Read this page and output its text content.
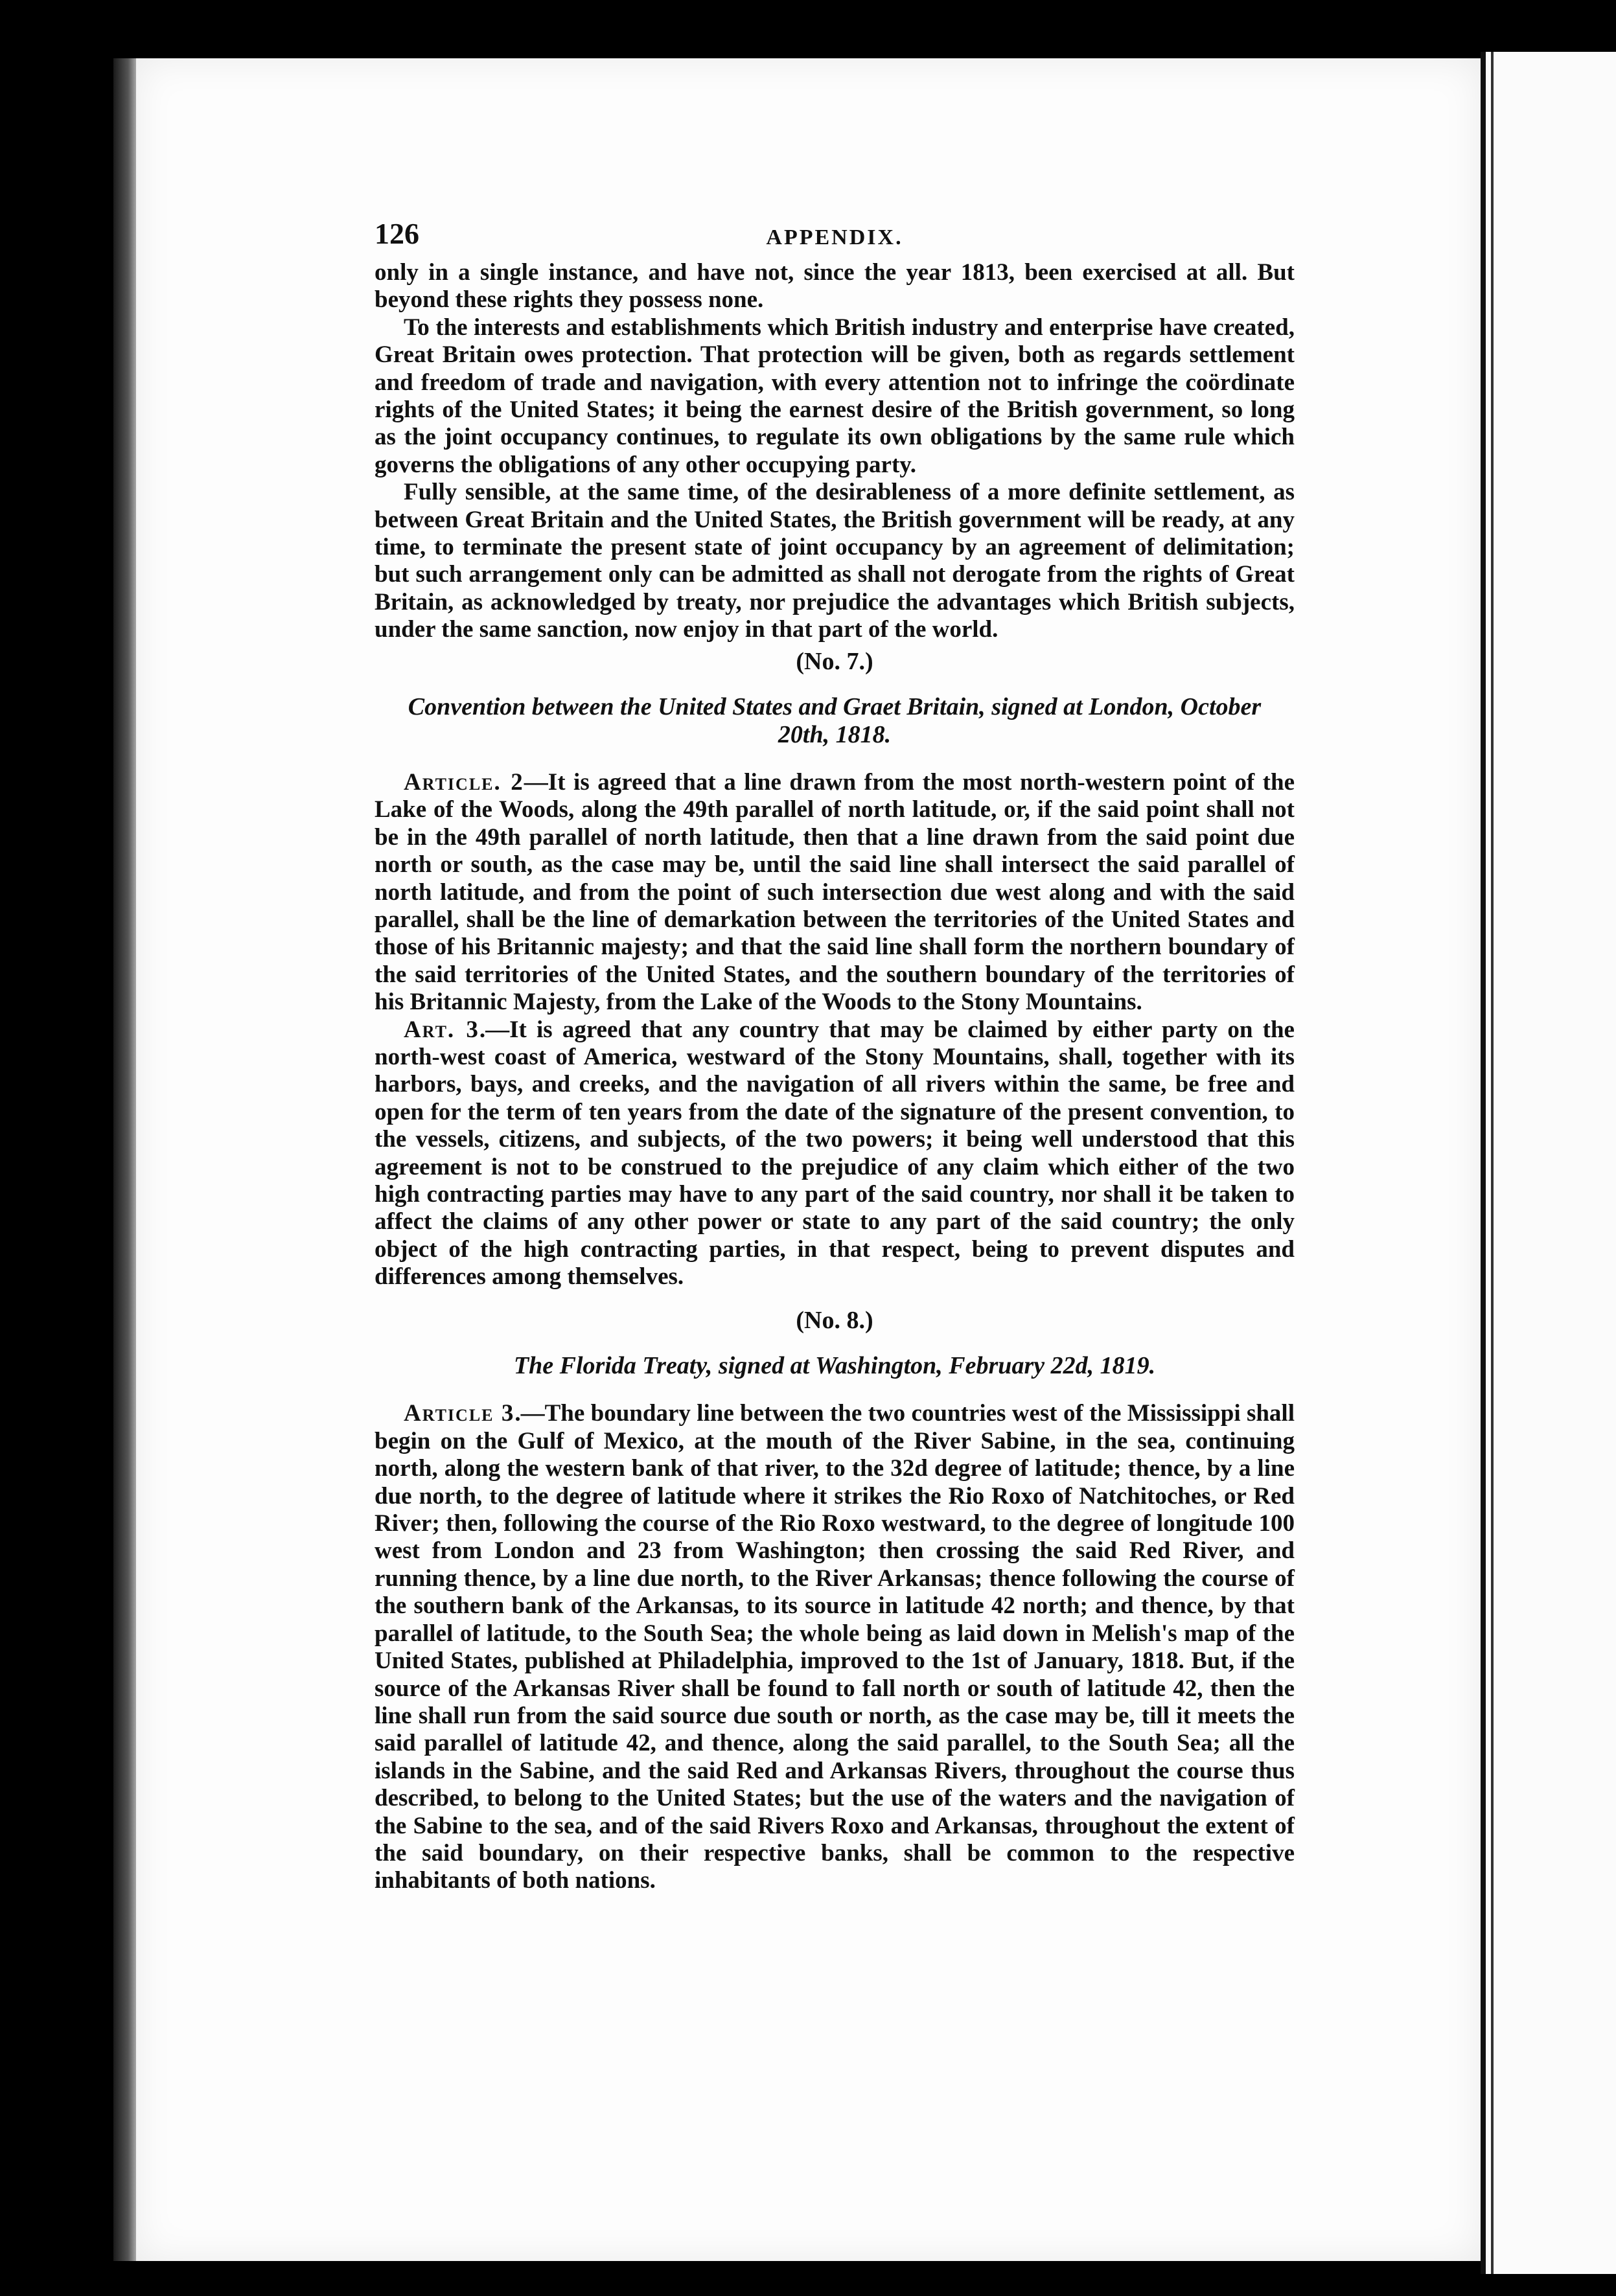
126	APPENDIX.

only in a single instance, and have not, since the year 1813, been exercised at all. But beyond these rights they possess none.

To the interests and establishments which British industry and enterprise have created, Great Britain owes protection. That protection will be given, both as regards settlement and freedom of trade and navigation, with every attention not to infringe the coördinate rights of the United States; it being the earnest desire of the British government, so long as the joint occupancy continues, to regulate its own obligations by the same rule which governs the obligations of any other occupying party.

Fully sensible, at the same time, of the desirableness of a more definite settlement, as between Great Britain and the United States, the British government will be ready, at any time, to terminate the present state of joint occupancy by an agreement of delimitation; but such arrangement only can be admitted as shall not derogate from the rights of Great Britain, as acknowledged by treaty, nor prejudice the advantages which British subjects, under the same sanction, now enjoy in that part of the world.

(No. 7.)

Convention between the United States and Graet Britain, signed at London, October 20th, 1818.

Article. 2—It is agreed that a line drawn from the most north-western point of the Lake of the Woods, along the 49th parallel of north latitude, or, if the said point shall not be in the 49th parallel of north latitude, then that a line drawn from the said point due north or south, as the case may be, until the said line shall intersect the said parallel of north latitude, and from the point of such intersection due west along and with the said parallel, shall be the line of demarkation between the territories of the United States and those of his Britannic majesty; and that the said line shall form the northern boundary of the said territories of the United States, and the southern boundary of the territories of his Britannic Majesty, from the Lake of the Woods to the Stony Mountains.

Art. 3.—It is agreed that any country that may be claimed by either party on the north-west coast of America, westward of the Stony Mountains, shall, together with its harbors, bays, and creeks, and the navigation of all rivers within the same, be free and open for the term of ten years from the date of the signature of the present convention, to the vessels, citizens, and subjects, of the two powers; it being well understood that this agreement is not to be construed to the prejudice of any claim which either of the two high contracting parties may have to any part of the said country, nor shall it be taken to affect the claims of any other power or state to any part of the said country; the only object of the high contracting parties, in that respect, being to prevent disputes and differences among themselves.

(No. 8.)

The Florida Treaty, signed at Washington, February 22d, 1819.

Article 3.—The boundary line between the two countries west of the Mississippi shall begin on the Gulf of Mexico, at the mouth of the River Sabine, in the sea, continuing north, along the western bank of that river, to the 32d degree of latitude; thence, by a line due north, to the degree of latitude where it strikes the Rio Roxo of Natchitoches, or Red River; then, following the course of the Rio Roxo westward, to the degree of longitude 100 west from London and 23 from Washington; then crossing the said Red River, and running thence, by a line due north, to the River Arkansas; thence following the course of the southern bank of the Arkansas, to its source in latitude 42 north; and thence, by that parallel of latitude, to the South Sea; the whole being as laid down in Melish's map of the United States, published at Philadelphia, improved to the 1st of January, 1818. But, if the source of the Arkansas River shall be found to fall north or south of latitude 42, then the line shall run from the said source due south or north, as the case may be, till it meets the said parallel of latitude 42, and thence, along the said parallel, to the South Sea; all the islands in the Sabine, and the said Red and Arkansas Rivers, throughout the course thus described, to belong to the United States; but the use of the waters and the navigation of the Sabine to the sea, and of the said Rivers Roxo and Arkansas, throughout the extent of the said boundary, on their respective banks, shall be common to the respective inhabitants of both nations.
